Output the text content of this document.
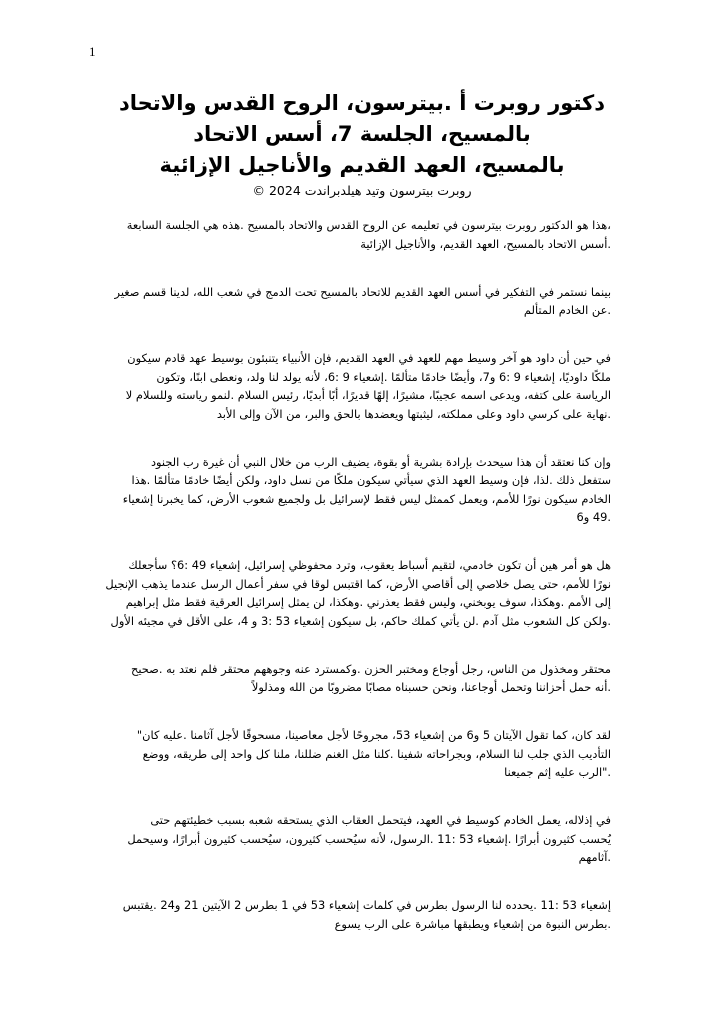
1
دكتور روبرت أ .بيترسون، الروح القدس والاتحاد
بالمسيح، الجلسة 7، أسس الاتحاد
بالمسيح، العهد القديم والأناجيل الإزائية
روبرت بيترسون وتيد هيلدبراندت 2024 ©
،هذا هو الدكتور روبرت بيترسون في تعليمه عن الروح القدس والاتحاد بالمسيح .هذه هي الجلسة السابعة
.أسس الاتحاد بالمسيح، العهد القديم، والأناجيل الإزائية
بينما نستمر في التفكير في أسس العهد القديم للاتحاد بالمسيح تحت الدمج في شعب الله، لدينا قسم صغير
.عن الخادم المتألم
في حين أن داود هو آخر وسيط مهم للعهد في العهد القديم، فإن الأنبياء يتنبئون بوسيط عهد قادم سيكون
ملكًا داوديًا، إشعياء 9 :6 و7، وأيضًا خادمًا متألمًا .إشعياء 9 :6، لأنه يولد لنا ولد، ونعطى ابنًا، وتكون
الرياسة على كتفه، ويدعى اسمه عجيبًا، مشيرًا، إلهًا قديرًا، أبًا أبديًا، رئيس السلام .لنمو رياسته وللسلام لا
.نهاية على كرسي داود وعلى مملكته، ليثبتها ويعضدها بالحق والبر، من الآن وإلى الأبد
وإن كنا نعتقد أن هذا سيحدث بإرادة بشرية أو بقوة، يضيف الرب من خلال النبي أن غيرة رب الجنود
ستفعل ذلك .لذا، فإن وسيط العهد الذي سيأتي سيكون ملكًا من نسل داود، ولكن أيضًا خادمًا متألمًا .هذا
الخادم سيكون نورًا للأمم، ويعمل كممثل ليس فقط لإسرائيل بل ولجميع شعوب الأرض، كما يخبرنا إشعياء
.49 و6
هل هو أمر هين أن تكون خادمي، لتقيم أسباط يعقوب، وترد محفوظي إسرائيل، إشعياء 49 :6؟ سأجعلك
نورًا للأمم، حتى يصل خلاصي إلى أقاصي الأرض، كما اقتبس لوقا في سفر أعمال الرسل عندما يذهب الإنجيل
إلى الأمم .وهكذا، سوف يوبخني، وليس فقط يعذرني .وهكذا، لن يمثل إسرائيل العرقية فقط مثل إبراهيم
.ولكن كل الشعوب مثل آدم .لن يأتي كملك حاكم، بل سيكون إشعياء 53 :3 و 4، على الأقل في مجيئه الأول
محتقر ومخذول من الناس، رجل أوجاع ومختبر الحزن .وكمسترد عنه وجوههم محتقر فلم نعتد به .صحيح
.أنه حمل أحزاننا وتحمل أوجاعنا، ونحن حسبناه مصابًا مضروبًا من الله ومذلولاً
لقد كان، كما تقول الآيتان 5 و6 من إشعياء 53، مجروحًا لأجل معاصينا، مسحوقًا لأجل آثامنا .عليه كان"
التأديب الذي جلب لنا السلام، وبجراحاته شفينا .كلنا مثل الغنم ضللنا، ملنا كل واحد إلى طريقه، ووضع
."الرب عليه إثم جميعنا
في إذلاله، يعمل الخادم كوسيط في العهد، فيتحمل العقاب الذي يستحقه شعبه بسبب خطيئتهم حتى
يُحسب كثيرون أبرارًا .إشعياء 53 :11 .الرسول، لأنه سيُحسب كثيرون، سيُحسب كثيرون أبرارًا، وسيحمل
.آثامهم
إشعياء 53 :11 .يحدده لنا الرسول بطرس في كلمات إشعياء 53 في 1 بطرس 2 الآيتين 21 و24 .يقتبس
.بطرس النبوة من إشعياء ويطبقها مباشرة على الرب يسوع
